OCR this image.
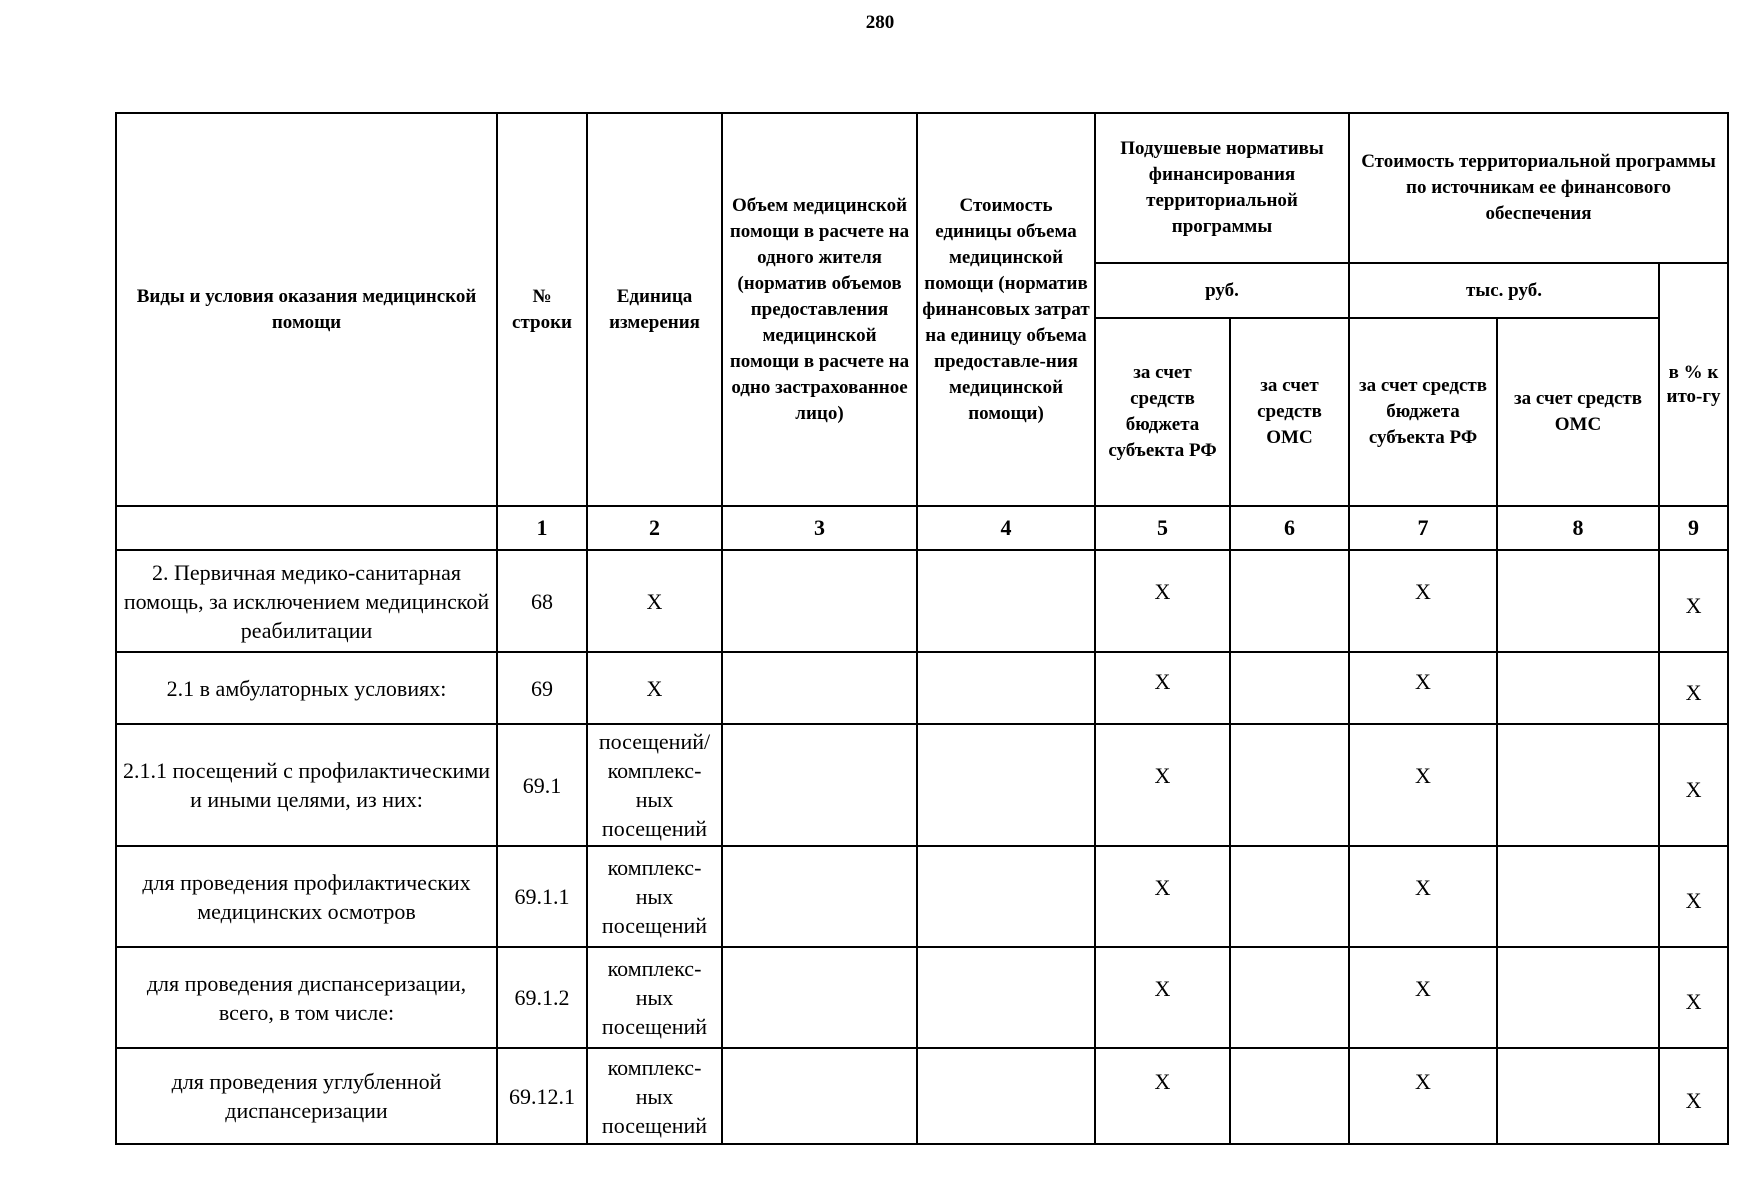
280
Виды и условия оказания медицинской помощи	№ строки	Единица измерения	Объем медицинской помощи в расчете на одного жителя (норматив объемов предоставления медицинской помощи в расчете на одно застрахованное лицо)	Стоимость единицы объема медицинской помощи (норматив финансовых затрат на единицу объема предоставле-ния медицинской помощи)	Подушевые нормативы финансирования территориальной программы		Стоимость территориальной программы по источникам ее финансового обеспечения		
					руб.		тыс. руб.		в % к ито-гу
					за счет средств бюджета субъекта РФ	за счет средств ОМС	за счет средств бюджета субъекта РФ	за счет средств ОМС	
	1	2	3	4	5	6	7	8	9
2. Первичная медико-санитарная помощь, за исключением медицинской реабилитации	68	X			X		X		X
2.1 в амбулаторных условиях:	69	X			X		X		X
2.1.1 посещений с профилактическими и иными целями, из них:	69.1	посещений/ комплекс-ных посещений			X		X		X
для проведения профилактических медицинских осмотров	69.1.1	комплекс-ных посещений			X		X		X
для проведения диспансеризации, всего, в том числе:	69.1.2	комплекс-ных посещений			X		X		X
для проведения углубленной диспансеризации	69.12.1	комплекс-ных посещений			X		X		X
